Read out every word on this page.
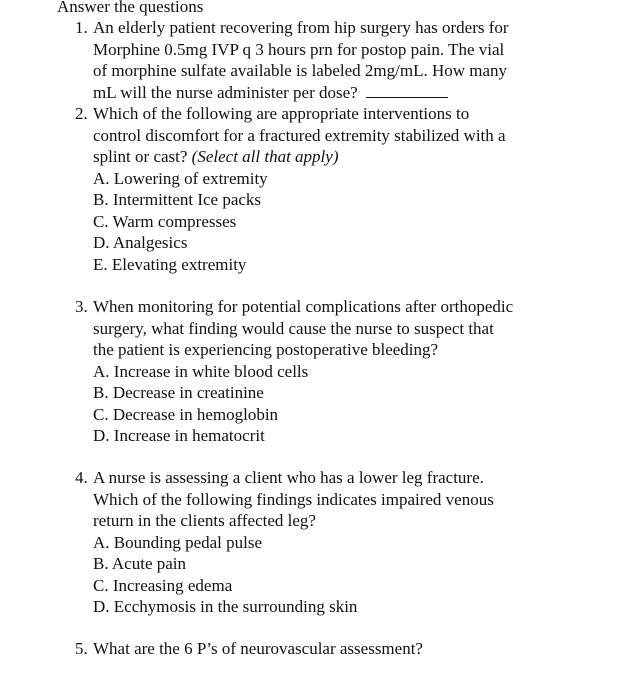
Answer the questions
1. An elderly patient recovering from hip surgery has orders for
Morphine 0.5mg IVP q 3 hours prn for postop pain. The vial
of morphine sulfate available is labeled 2mg/mL. How many
mL will the nurse administer per dose?
2. Which of the following are appropriate interventions to
control discomfort for a fractured extremity stabilized with a
splint or cast? (Select all that apply)
A. Lowering of extremity
B. Intermittent Ice packs
C. Warm compresses
D. Analgesics
E. Elevating extremity
3. When monitoring for potential complications after orthopedic
surgery, what finding would cause the nurse to suspect that
the patient is experiencing postoperative bleeding?
A. Increase in white blood cells
B. Decrease in creatinine
C. Decrease in hemoglobin
D. Increase in hematocrit
4. A nurse is assessing a client who has a lower leg fracture.
Which of the following findings indicates impaired venous
return in the clients affected leg?
A. Bounding pedal pulse
B. Acute pain
C. Increasing edema
D. Ecchymosis in the surrounding skin
5. What are the 6 P’s of neurovascular assessment?
